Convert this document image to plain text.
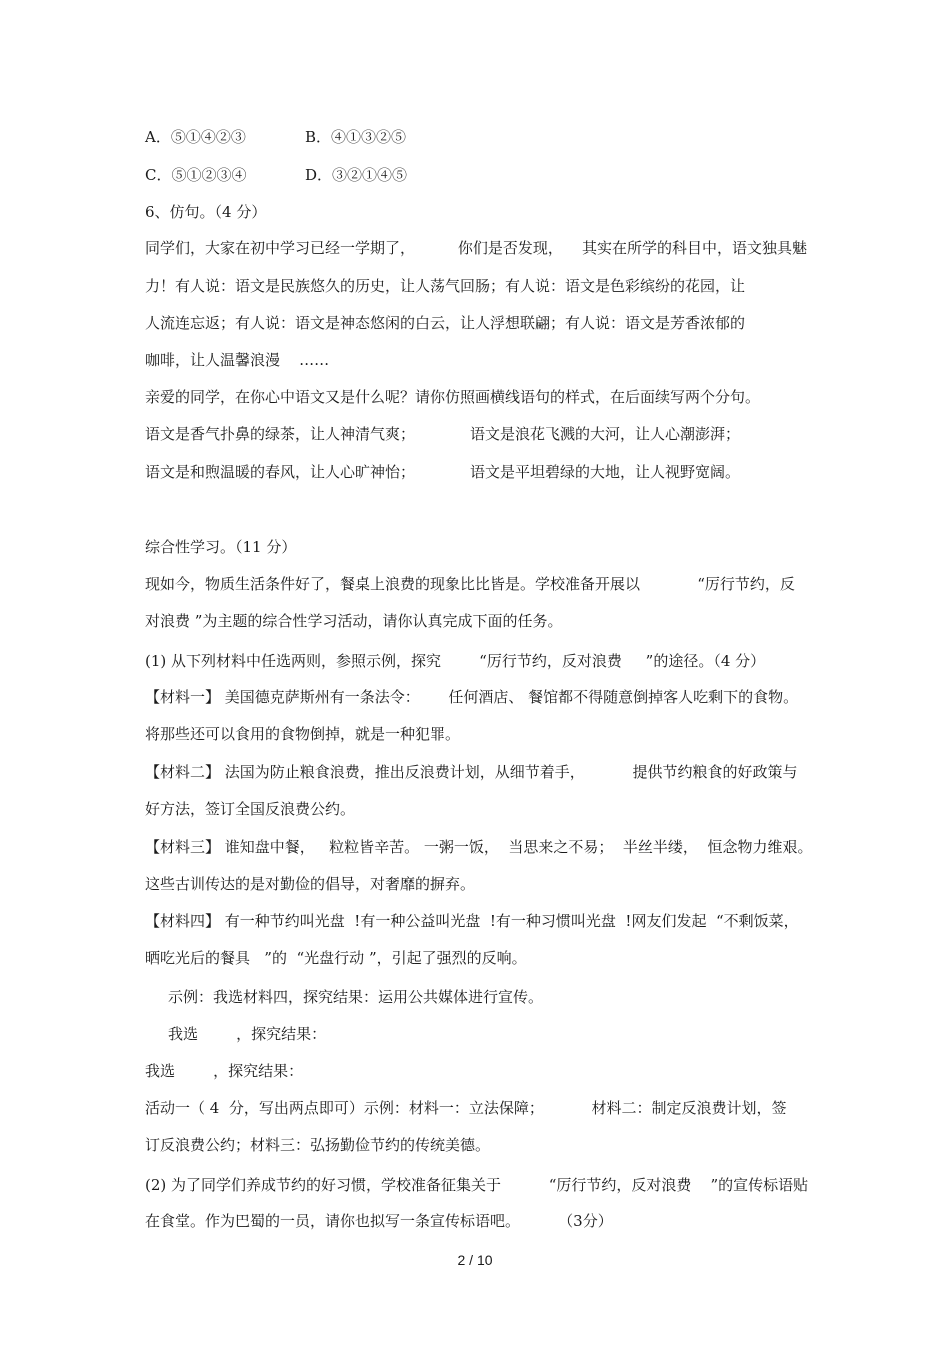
A．⑤①④②③	B．④①③②⑤
C．⑤①②③④	D．③②①④⑤
6、仿句。（4 分）
同学们，大家在初中学习已经一学期了，         你们是否发现，    其实在所学的科目中，语文独具魅
力！有人说：语文是民族悠久的历史，让人荡气回肠；有人说：语文是色彩缤纷的花园，让
人流连忘返；有人说：语文是神态悠闲的白云，让人浮想联翩；有人说：语文是芳香浓郁的
咖啡，让人温馨浪漫    ……
亲爱的同学，在你心中语文又是什么呢？请你仿照画横线语句的样式，在后面续写两个分句。
语文是香气扑鼻的绿茶，让人神清气爽；	语文是浪花飞溅的大河，让人心潮澎湃；
语文是和煦温暖的春风，让人心旷神怡；	语文是平坦碧绿的大地，让人视野宽阔。
综合性学习。（11 分）
现如今，物质生活条件好了，餐桌上浪费的现象比比皆是。学校准备开展以            “厉行节约，反
对浪费 ”为主题的综合性学习活动，请你认真完成下面的任务。
(1) 从下列材料中任选两则，参照示例，探究        “厉行节约，反对浪费     ”的途径。（4 分）
【材料一】 美国德克萨斯州有一条法令：      任何酒店、 餐馆都不得随意倒掉客人吃剩下的食物。
将那些还可以食用的食物倒掉，就是一种犯罪。
【材料二】 法国为防止粮食浪费，推出反浪费计划，从细节着手，          提供节约粮食的好政策与
好方法，签订全国反浪费公约。
【材料三】 谁知盘中餐，   粒粒皆辛苦。 一粥一饭，  当思来之不易；  半丝半缕，  恒念物力维艰。
这些古训传达的是对勤俭的倡导，对奢靡的摒弃。
【材料四】 有一种节约叫光盘  !有一种公益叫光盘  !有一种习惯叫光盘  !网友们发起  “不剩饭菜，
晒吃光后的餐具   ”的  “光盘行动 ”，引起了强烈的反响。
示例：我选材料四，探究结果：运用公共媒体进行宣传。
我选        ，探究结果：
我选        ，探究结果：
活动一（ 4  分，写出两点即可）示例：材料一：立法保障；          材料二：制定反浪费计划，签
订反浪费公约；材料三：弘扬勤俭节约的传统美德。
(2) 为了同学们养成节约的好习惯，学校准备征集关于          “厉行节约，反对浪费    ”的宣传标语贴
在食堂。作为巴蜀的一员，请你也拟写一条宣传标语吧。        （3分）
2 / 10
